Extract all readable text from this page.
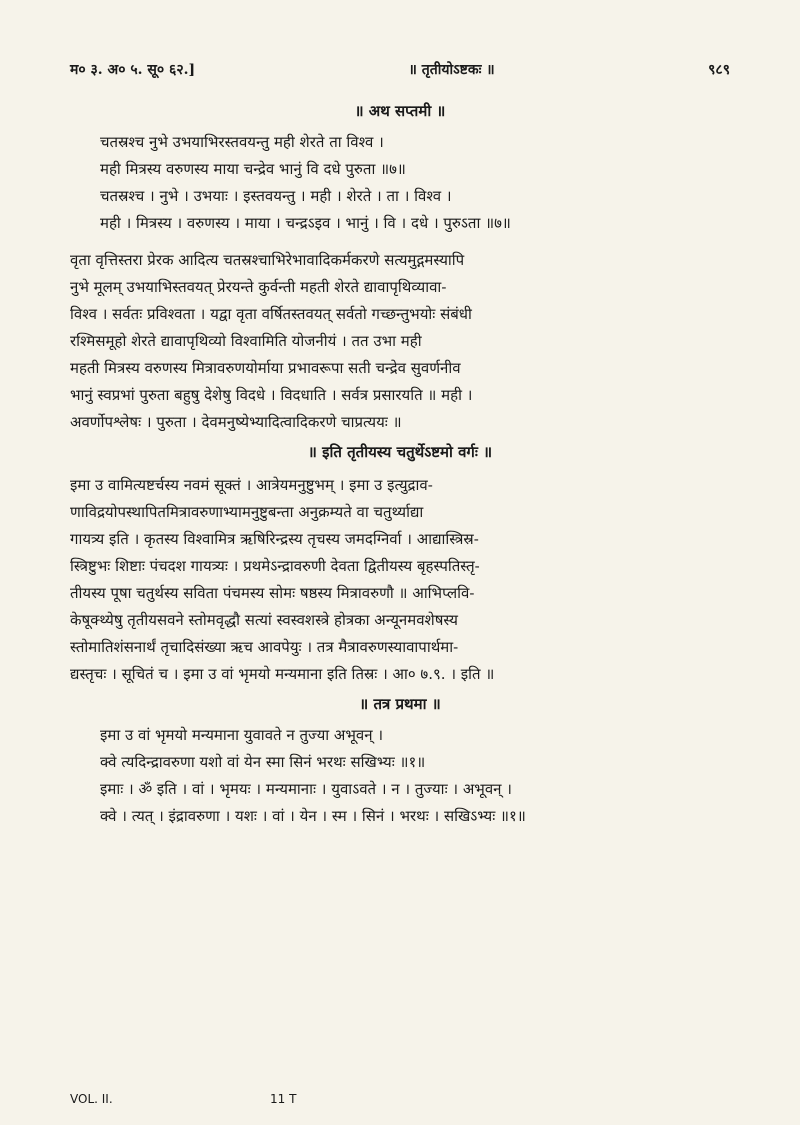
म० ३. अ० ५. सू० ६२.]	॥ तृतीयोऽष्टकः ॥	९८९
॥ अथ सप्तमी ॥
चतस्रश्च नुभे उभयाभिरस्तवयन्तु मही शेरते ता विश्व ।
मही मित्रस्य वरुणस्य माया चन्द्रेव भानुं वि दधे पुरुता ॥७॥
चतस्रश्च । नुभे । उभयाः । इस्तवयन्तु । मही । शेरते । ता । विश्व ।
मही । मित्रस्य । वरुणस्य । माया । चन्द्रऽइव । भानुं । वि । दधे । पुरुऽता ॥७॥
वृता वृत्तिस्तरा प्रेरक आदित्य चतस्रश्चाभिरेभावादिकर्मकरणे सत्यमुद्गमस्यापि
नुभे मूलम् उभयाभिस्तवयत् प्रेरयन्ते कुर्वन्ती महती शेरते द्यावापृथिव्यावा-
विश्व । सर्वतः प्रविश्वता । यद्वा वृता वर्षितस्तवयत् सर्वतो गच्छन्तुभयोः संबंधी
रश्मिसमूहो शेरते द्यावापृथिव्यो विश्वामिति योजनीयं । तत उभा मही
महती मित्रस्य वरुणस्य मित्रावरुणयोर्माया प्रभावरूपा सती चन्द्रेव सुवर्णनीव
भानुं स्वप्रभां पुरुता बहुषु देशेषु विदधे । विदधाति । सर्वत्र प्रसारयति ॥ मही ।
अवर्णोपश्लेषः । पुरुता । देवमनुष्येभ्यादित्वादिकरणे चाप्रत्ययः ॥
॥ इति तृतीयस्य चतुर्थेऽष्टमो वर्गः ॥
इमा उ वामित्यष्टर्चस्य नवमं सूक्तं । आत्रेयमनुष्टुभम् । इमा उ इत्युद्राव-
णाविद्रयोपस्थापितमित्रावरुणाभ्यामनुष्टुबन्ता अनुक्रम्यते वा चतुर्थ्याद्या
गायत्र्य इति । कृतस्य विश्वामित्र ऋषिरिन्द्रस्य तृचस्य जमदग्निर्वा । आद्यास्त्रिस्र-
स्त्रिष्टुभः शिष्टाः पंचदश गायत्र्यः । प्रथमेऽन्द्रावरुणी देवता द्वितीयस्य बृहस्पतिस्तृ-
तीयस्य पूषा चतुर्थस्य सविता पंचमस्य सोमः षष्ठस्य मित्रावरुणौ ॥ आभिप्लवि-
केषूक्थ्येषु तृतीयसवने स्तोमवृद्धौ सत्यां स्वस्वशस्त्रे होत्रका अन्यूनमवशेषस्य
स्तोमातिशंसनार्थं तृचादिसंख्या ऋच आवपेयुः । तत्र मैत्रावरुणस्यावापार्थमा-
द्यस्तृचः । सूचितं च । इमा उ वां भृमयो मन्यमाना इति तिस्रः । आ० ७.९. । इति ॥
॥ तत्र प्रथमा ॥
इमा उ वां भृमयो मन्यमाना युवावते न तुज्या अभूवन् ।
क्वे त्यदिन्द्रावरुणा यशो वां येन स्मा सिनं भरथः सखिभ्यः ॥१॥
इमाः । ॐ इति । वां । भृमयः । मन्यमानाः । युवाऽवते । न । तुज्याः । अभूवन् ।
क्वे । त्यत् । इंद्रावरुणा । यशः । वां । येन । स्म । सिनं । भरथः । सखिऽभ्यः ॥१॥
VOL. II.	11 T
